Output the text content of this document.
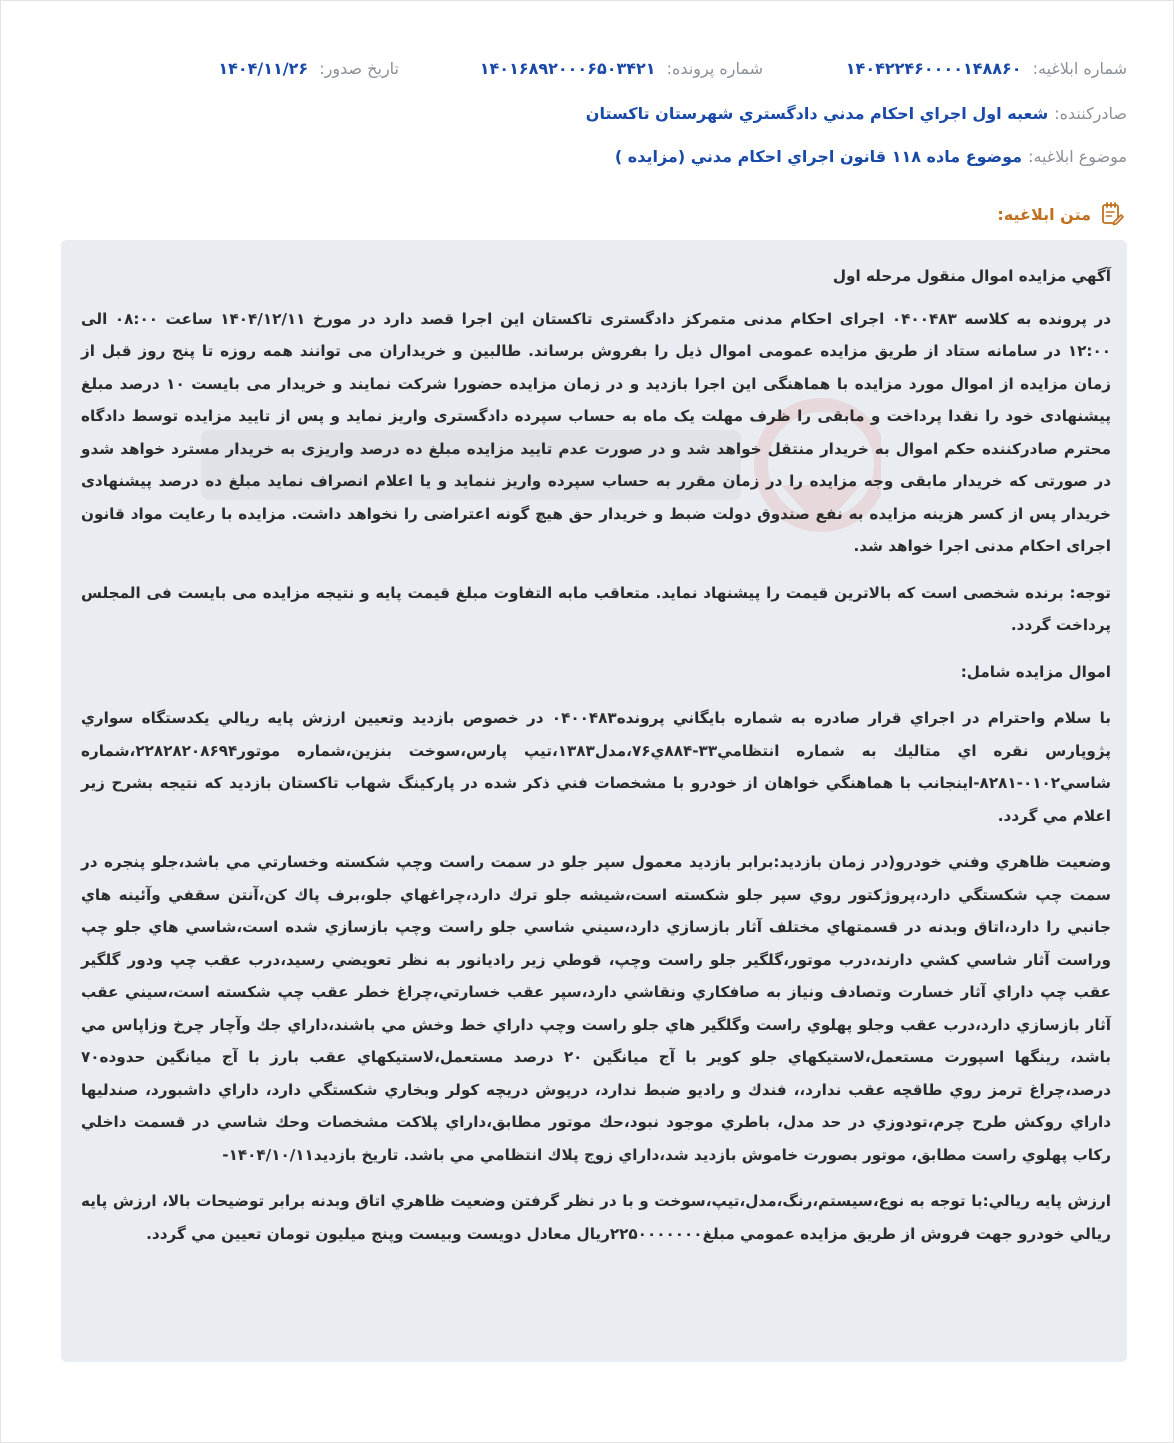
شماره ابلاغيه: ۱۴۰۴۲۲۴۶۰۰۰۰۱۴۸۸۶۰
شماره پرونده: ۱۴۰۱۶۸۹۲۰۰۰۶۵۰۳۴۲۱
تاريخ صدور: ۱۴۰۴/۱۱/۲۶
صادرکننده:
شعبه اول اجراي احكام مدني دادگستري شهرستان تاكستان
موضوع ابلاغيه:
موضوع ماده ۱۱۸ قانون اجراي احكام مدني (مزايده )
متن ابلاغيه:

آگهي مزايده اموال منقول مرحله اول

در پرونده به کلاسه ۰۴۰۰۴۸۳ اجرای احکام مدنی متمرکز دادگستری تاکستان این اجرا قصد دارد در مورخ ۱۴۰۴/۱۲/۱۱ ساعت ۰۸:۰۰ الی ۱۲:۰۰ در سامانه ستاد از طریق مزایده عمومی اموال ذیل را بفروش برساند. طالبین و خریداران می توانند همه روزه تا پنج روز قبل از زمان مزایده از اموال مورد مزایده با هماهنگی این اجرا بازدید و در زمان مزایده حضورا شرکت نمایند و خریدار می بایست ۱۰ درصد مبلغ پیشنهادی خود را نقدا پرداخت و مابقی را ظرف مهلت یک ماه به حساب سپرده دادگستری واریز نماید و پس از تایید مزایده توسط دادگاه محترم صادرکننده حکم اموال به خریدار منتقل خواهد شد و در صورت عدم تایید مزایده مبلغ ده درصد واریزی به خریدار مسترد خواهد شدو در صورتی که خریدار مابقی وجه مزایده را در زمان مقرر به حساب سپرده واریز ننماید و یا اعلام انصراف نماید مبلغ ده درصد پیشنهادی خریدار پس از کسر هزینه مزایده به نفع صندوق دولت ضبط و خریدار حق هیچ گونه اعتراضی را نخواهد داشت. مزایده با رعایت مواد قانون اجرای احکام مدنی اجرا خواهد شد.

توجه: برنده شخصی است که بالاترین قیمت را پیشنهاد نماید. متعاقب مابه التفاوت مبلغ قیمت پایه و نتیجه مزایده می بایست فی المجلس پرداخت گردد.

اموال مزایده شامل:

با سلام واحترام در اجراي قرار صادره به شماره بايگاني پرونده۰۴۰۰۴۸۳ در خصوص بازديد وتعيين ارزش پايه ريالي يكدستگاه سواري پژوپارس نقره اي متاليك به شماره انتظامي۳۳-۸۸۴ي۷۶،مدل۱۳۸۳،تيپ پارس،سوخت بنزين،شماره موتور۲۲۸۲۸۲۰۸۶۹۴،شماره شاسي۰۱۰۲-۸۲۸۱-اينجانب با هماهنگي خواهان از خودرو با مشخصات فني ذكر شده در پاركينگ شهاب تاكستان بازديد كه نتيجه بشرح زير اعلام مي گردد.

وضعيت ظاهري وفني خودرو(در زمان بازديد:برابر بازديد معمول سپر جلو در سمت راست وچپ شكسته وخسارتي مي باشد،جلو پنجره در سمت چپ شكستگي دارد،پروژكتور روي سپر جلو شكسته است،شيشه جلو ترك دارد،چراغهاي جلو،برف پاك كن،آنتن سقفي وآئينه هاي جانبي را دارد،اتاق وبدنه در قسمتهاي مختلف آثار بازسازي دارد،سيني شاسي جلو راست وچپ بازسازي شده است،شاسي هاي جلو چپ وراست آثار شاسي كشي دارند،درب موتور،گلگير جلو راست وچپ، قوطي زير راديانور به نظر تعويضي رسيد،درب عقب چپ ودور گلگير عقب چپ داراي آثار خسارت وتصادف ونياز به صافكاري ونقاشي دارد،سپر عقب خسارتي،چراغ خطر عقب چپ شكسته است،سيني عقب آثار بازسازي دارد،درب عقب وجلو پهلوي راست وگلگير هاي جلو راست وچپ داراي خط وخش مي باشند،داراي جك وآچار چرخ وزاپاس مي باشد، رينگها اسپورت مستعمل،لاستيكهاي جلو كوير با آج ميانگين ۲۰ درصد مستعمل،لاستيكهاي عقب بارز با آج ميانگين حدوده۷۰ درصد،چراغ ترمز روي طاقچه عقب ندارد،، فندك و راديو ضبط ندارد، درپوش دريچه كولر وبخاري شكستگي دارد، داراي داشبورد، صندليها داراي روكش طرح چرم،تودوزي در حد مدل، باطري موجود نبود،حك موتور مطابق،داراي پلاكت مشخصات وحك شاسي در قسمت داخلي ركاب پهلوي راست مطابق، موتور بصورت خاموش بازديد شد،داراي زوج پلاك انتظامي مي باشد. تاريخ بازديد۱۴۰۴/۱۰/۱۱-

ارزش پايه ريالي:با توجه به نوع،سيستم،رنگ،مدل،تيپ،سوخت و با در نظر گرفتن وضعيت ظاهري اتاق وبدنه برابر توضيحات بالا، ارزش پايه ريالي خودرو جهت فروش از طريق مزايده عمومي مبلغ۲۲۵۰۰۰۰۰۰۰ريال معادل دويست وبيست وپنج ميليون تومان تعيين مي گردد.
